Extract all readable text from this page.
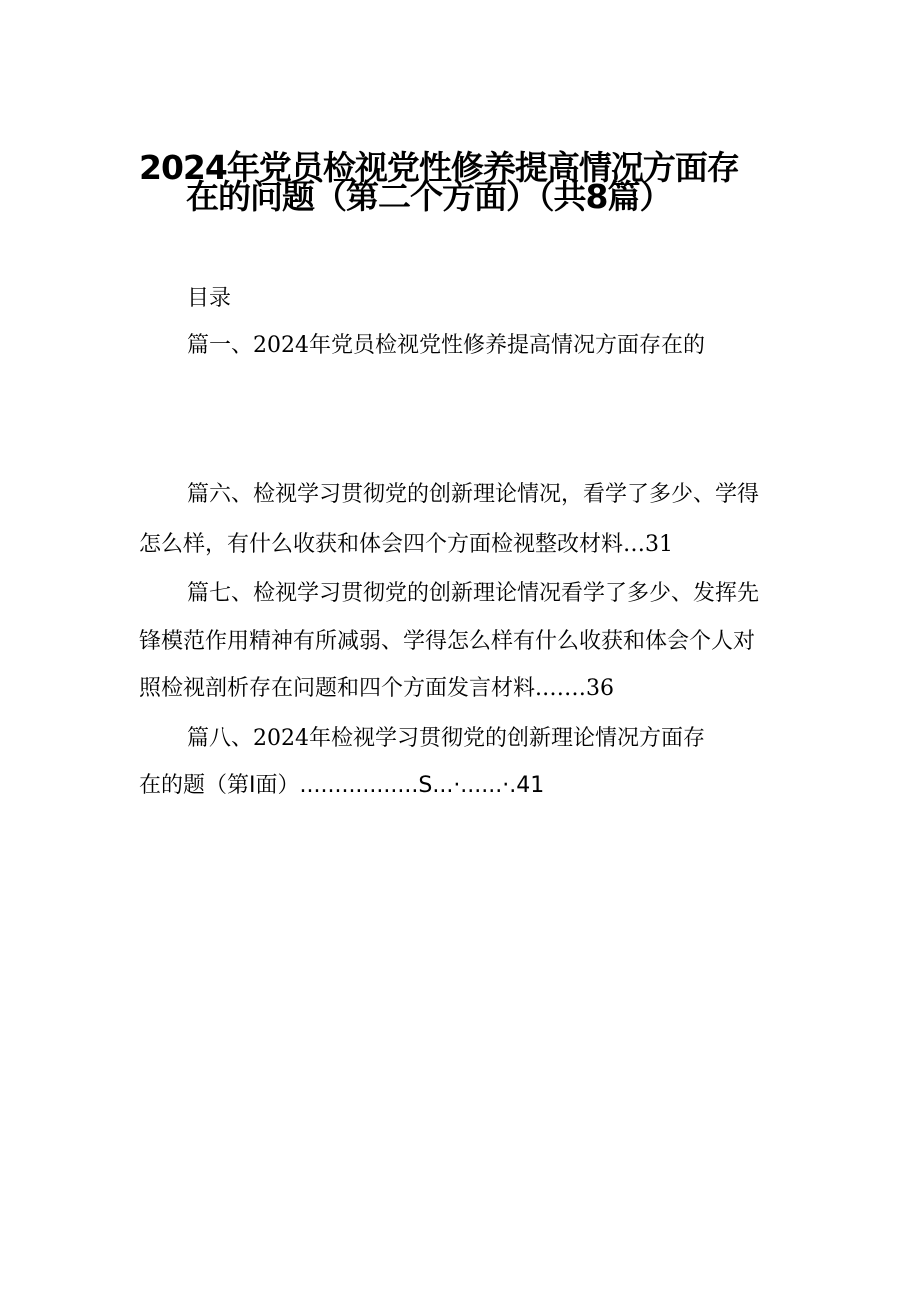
2024年党员检视党性修养提高情况方面存
在的问题（第二个方面）（共8篇）
目录
篇一、2024年党员检视党性修养提高情况方面存在的
篇六、检视学习贯彻党的创新理论情况，看学了多少、学得
怎么样，有什么收获和体会四个方面检视整改材料…31
篇七、检视学习贯彻党的创新理论情况看学了多少、发挥先
锋模范作用精神有所减弱、学得怎么样有什么收获和体会个人对
照检视剖析存在问题和四个方面发言材料.……36
篇八、2024年检视学习贯彻党的创新理论情况方面存
在的题（第I面）.................S...·......·.41
